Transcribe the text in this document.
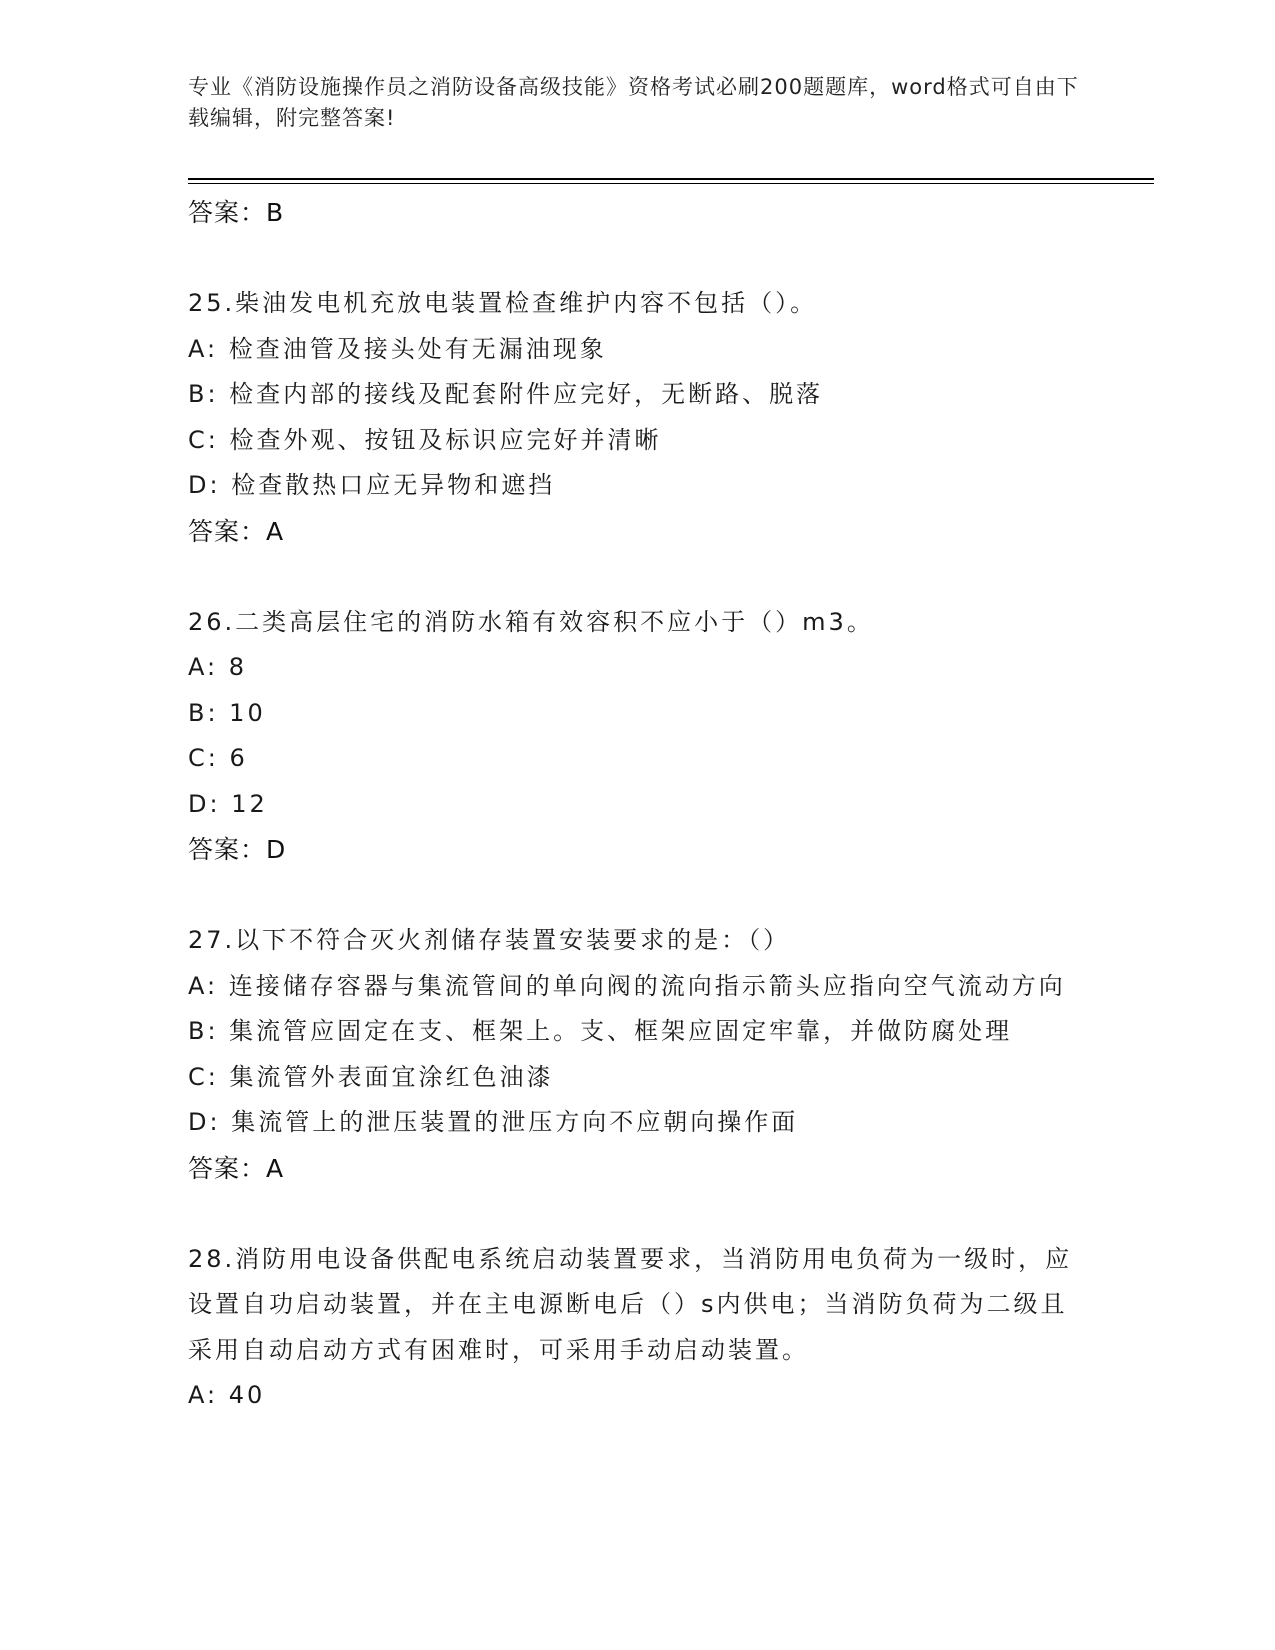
专业《消防设施操作员之消防设备高级技能》资格考试必刷200题题库，word格式可自由下载编辑，附完整答案!
答案：B
25.柴油发电机充放电装置检查维护内容不包括（）。
A: 检查油管及接头处有无漏油现象
B: 检查内部的接线及配套附件应完好，无断路、脱落
C: 检查外观、按钮及标识应完好并清晰
D: 检查散热口应无异物和遮挡
答案：A
26.二类高层住宅的消防水箱有效容积不应小于（）m3。
A: 8
B: 10
C: 6
D: 12
答案：D
27.以下不符合灭火剂储存装置安装要求的是：（）
A: 连接储存容器与集流管间的单向阀的流向指示箭头应指向空气流动方向
B: 集流管应固定在支、框架上。支、框架应固定牢靠，并做防腐处理
C: 集流管外表面宜涂红色油漆
D: 集流管上的泄压装置的泄压方向不应朝向操作面
答案：A
28.消防用电设备供配电系统启动装置要求，当消防用电负荷为一级时，应设置自功启动装置，并在主电源断电后（）s内供电；当消防负荷为二级且采用自动启动方式有困难时，可采用手动启动装置。
A: 40
